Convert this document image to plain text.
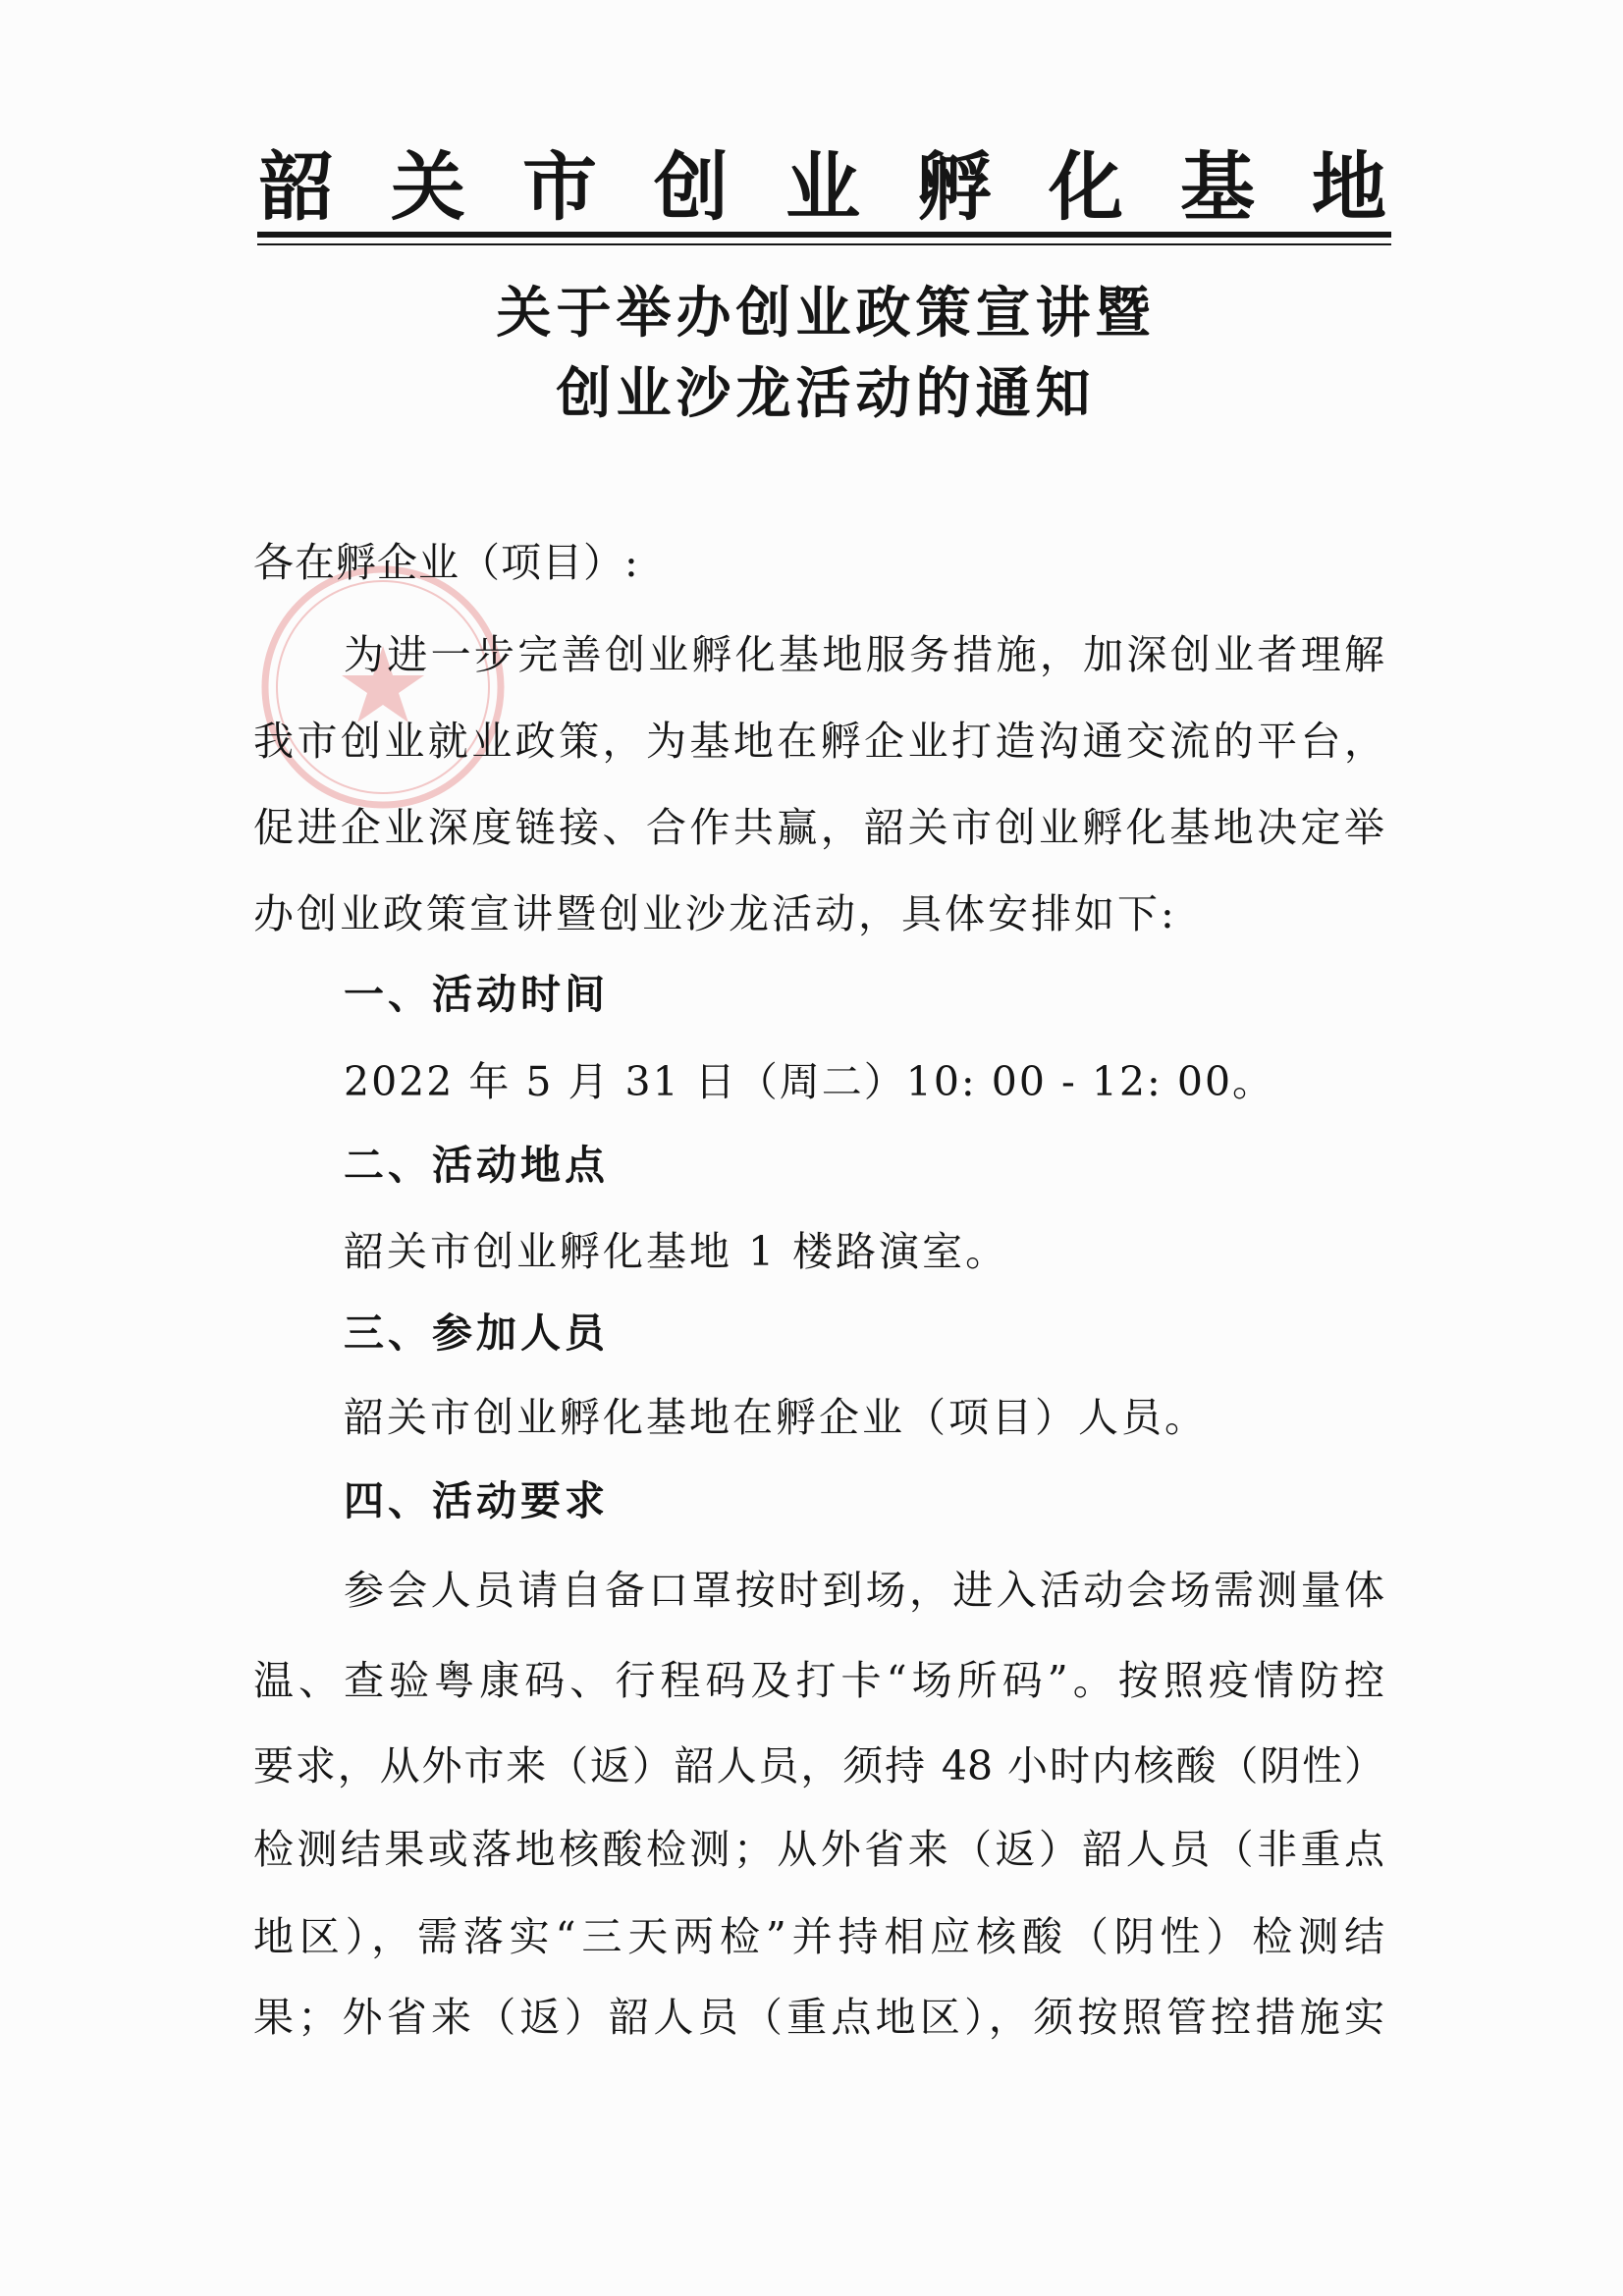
韶关市创业孵化基地
关于举办创业政策宣讲暨
创业沙龙活动的通知
各在孵企业（项目）:
为进一步完善创业孵化基地服务措施，加深创业者理解
我市创业就业政策，为基地在孵企业打造沟通交流的平台，
促进企业深度链接、合作共赢，韶关市创业孵化基地决定举
办创业政策宣讲暨创业沙龙活动，具体安排如下:
一、活动时间
2022 年 5 月 31 日（周二）10: 00 - 12: 00。
二、活动地点
韶关市创业孵化基地 1 楼路演室。
三、参加人员
韶关市创业孵化基地在孵企业（项目）人员。
四、活动要求
参会人员请自备口罩按时到场，进入活动会场需测量体
温、查验粤康码、行程码及打卡“场所码”。按照疫情防控
要求，从外市来（返）韶人员，须持 48 小时内核酸（阴性）
检测结果或落地核酸检测；从外省来（返）韶人员（非重点
地区），需落实“三天两检”并持相应核酸（阴性）检测结
果；外省来（返）韶人员（重点地区），须按照管控措施实
